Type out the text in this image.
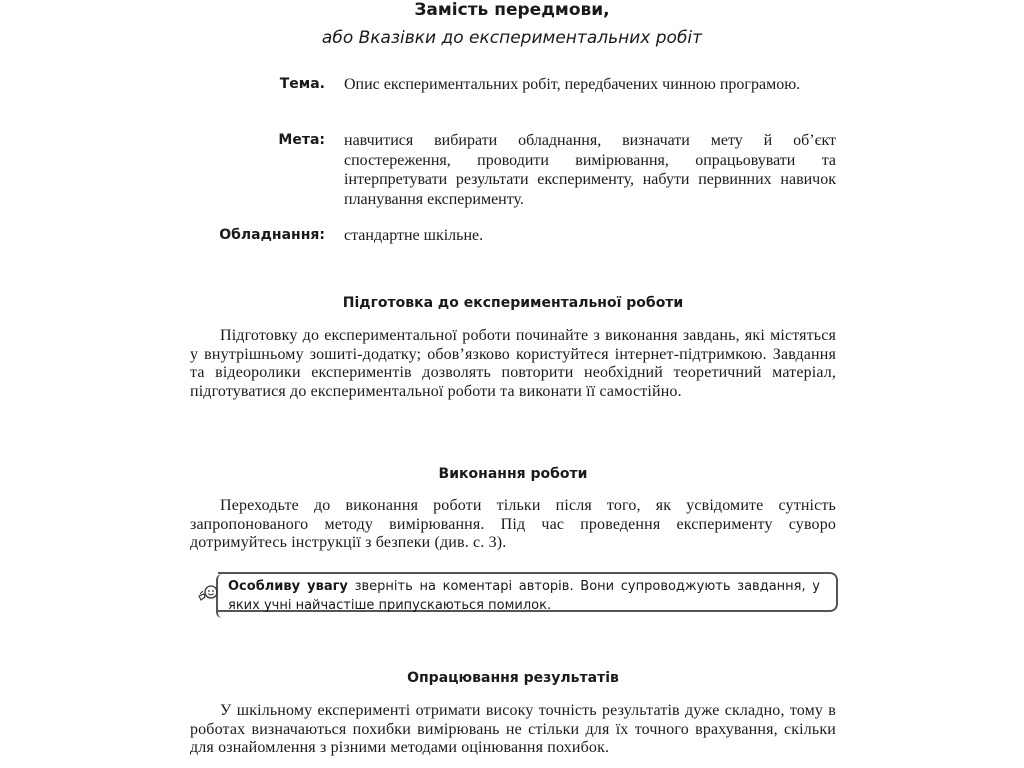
Замість передмови,
або Вказівки до експериментальних робіт
Тема. Опис експериментальних робіт, передбачених чинною програмою.
Мета: навчитися вибирати обладнання, визначати мету й об’єкт спостереження, проводити вимірювання, опрацьовувати та інтерпретувати результати експерименту, набути первинних навичок планування експерименту.
Обладнання: стандартне шкільне.
Підготовка до експериментальної роботи
Підготовку до експериментальної роботи починайте з виконання завдань, які містяться у внутрішньому зошиті-додатку; обов’язково користуйтеся інтернет-підтримкою. Завдання та відеоролики експериментів дозволять повторити необхідний теоретичний матеріал, підготуватися до експериментальної роботи та виконати її самостійно.
Виконання роботи
Переходьте до виконання роботи тільки після того, як усвідомите сутність запропонованого методу вимірювання. Під час проведення експерименту суворо дотримуйтесь інструкції з безпеки (див. с. 3).
Особливу увагу зверніть на коментарі авторів. Вони супроводжують завдання, у яких учні найчастіше припускаються помилок.
Опрацювання результатів
У шкільному експерименті отримати високу точність результатів дуже складно, тому в роботах визначаються похибки вимірювань не стільки для їх точного врахування, скільки для ознайомлення з різними методами оцінювання похибок.
